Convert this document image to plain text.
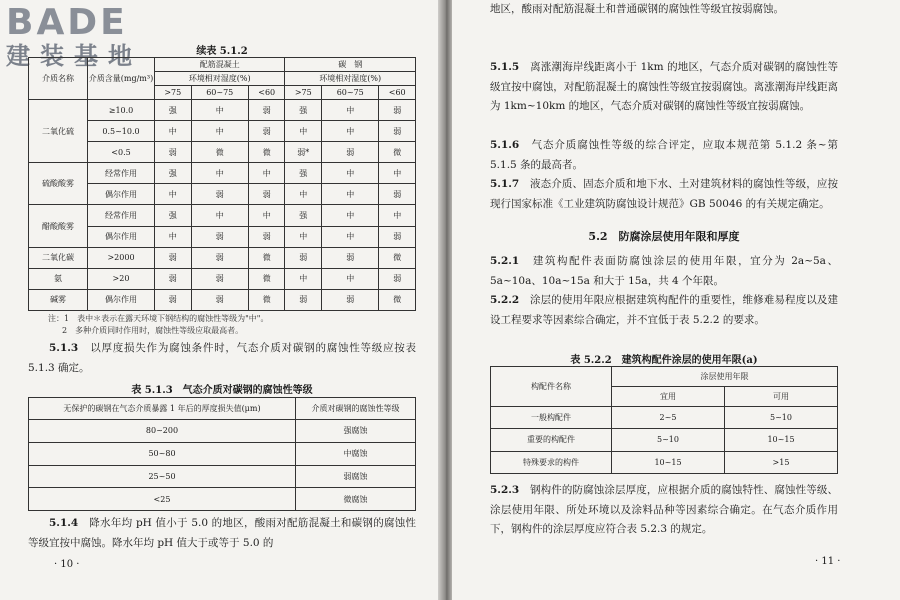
BADE
建装基地	续表 5.1.2
介质名称	介质含量(mg/m³)	配筋混凝土			碳　钢		
		环境相对湿度(%)			环境相对湿度(%)		
		>75	60~75	<60	>75	60~75	<60
二氧化硫	≥10.0	强	中	弱	强	中	弱
	0.5~10.0	中	中	弱	中	中	弱
	<0.5	弱	微	微	弱*	弱	微
硫酸酸雾	经常作用	强	中	中	强	中	中
	偶尔作用	中	弱	弱	中	中	弱
醋酸酸雾	经常作用	强	中	中	强	中	中
	偶尔作用	中	弱	弱	中	中	弱
二氧化碳	>2000	弱	弱	微	弱	弱	微
氨	>20	弱	弱	微	中	中	弱
碱雾	偶尔作用	弱	弱	微	弱	弱	微
注：1　表中＊表示在露天环境下钢结构的腐蚀性等级为"中"。
2　多种介质同时作用时，腐蚀性等级应取最高者。
5.1.3　 以厚度损失作为腐蚀条件时，气态介质对碳钢的腐蚀性等级应按表 5.1.3 确定。
表 5.1.3　气态介质对碳钢的腐蚀性等级
无保护的碳钢在气态介质暴露 1 年后的厚度损失值(μm)	介质对碳钢的腐蚀性等级
80~200	强腐蚀
50~80	中腐蚀
25~50	弱腐蚀
<25	微腐蚀
5.1.4　 降水年均 pH 值小于 5.0 的地区，酸雨对配筋混凝土和碳钢的腐蚀性等级宜按中腐蚀。降水年均 pH 值大于或等于 5.0 的
· 10 ·
地区，酸雨对配筋混凝土和普通碳钢的腐蚀性等级宜按弱腐蚀。
5.1.5　 离涨潮海岸线距离小于 1km 的地区，气态介质对碳钢的腐蚀性等级宜按中腐蚀，对配筋混凝土的腐蚀性等级宜按弱腐蚀。离涨潮海岸线距离为 1km~10km 的地区，气态介质对碳钢的腐蚀性等级宜按弱腐蚀。
5.1.6　 气态介质腐蚀性等级的综合评定，应取本规范第 5.1.2 条~第 5.1.5 条的最高者。
5.1.7　 液态介质、固态介质和地下水、土对建筑材料的腐蚀性等级，应按现行国家标准《工业建筑防腐蚀设计规范》GB 50046 的有关规定确定。
5.2　防腐涂层使用年限和厚度
5.2.1　 建筑构配件表面防腐蚀涂层的使用年限，宜分为 2a~5a、5a~10a、10a~15a 和大于 15a，共 4 个年限。
5.2.2　 涂层的使用年限应根据建筑构配件的重要性，维修难易程度以及建设工程要求等因素综合确定，并不宜低于表 5.2.2 的要求。
表 5.2.2　建筑构配件涂层的使用年限(a)
构配件名称	涂层使用年限	
	宜用	可用
一般构配件	2~5	5~10
重要的构配件	5~10	10~15
特殊要求的构件	10~15	>15
5.2.3　 钢构件的防腐蚀涂层厚度，应根据介质的腐蚀特性、腐蚀性等级、涂层使用年限、所处环境以及涂料品种等因素综合确定。在气态介质作用下，钢构件的涂层厚度应符合表 5.2.3 的规定。
· 11 ·
